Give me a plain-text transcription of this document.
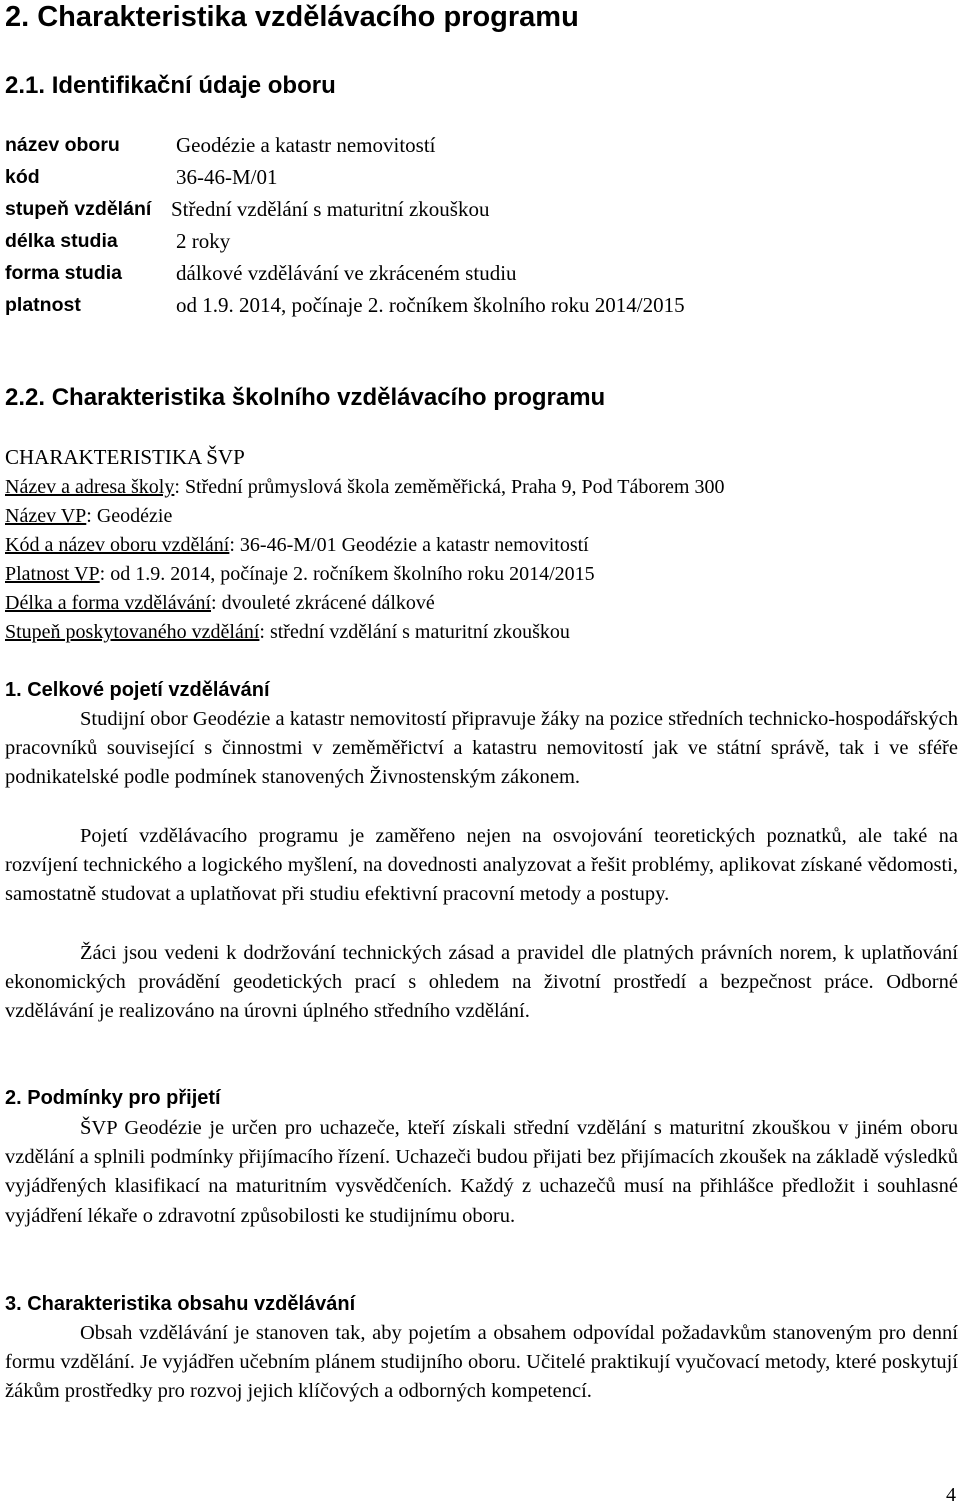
2. Charakteristika vzdělávacího programu
2.1. Identifikační údaje oboru
název oboru	Geodézie a katastr nemovitostí
kód	36-46-M/01
stupeň vzdělání Střední vzdělání s maturitní zkouškou
délka studia	2 roky
forma studia	dálkové vzdělávání ve zkráceném studiu
platnost	od 1.9. 2014, počínaje 2. ročníkem školního roku 2014/2015
2.2. Charakteristika školního vzdělávacího programu
CHARAKTERISTIKA ŠVP
Název a adresa školy: Střední průmyslová škola zeměměřická, Praha 9, Pod Táborem 300
Název VP: Geodézie
Kód a název oboru vzdělání: 36-46-M/01 Geodézie a katastr nemovitostí
Platnost VP: od 1.9. 2014, počínaje 2. ročníkem školního roku 2014/2015
Délka a forma vzdělávání: dvouleté zkrácené dálkové
Stupeň poskytovaného vzdělání: střední vzdělání s maturitní zkouškou
1. Celkové pojetí vzdělávání

Studijní obor Geodézie a katastr nemovitostí připravuje žáky na pozice středních technicko-hospodářských pracovníků související s činnostmi v zeměměřictví a katastru nemovitostí jak ve státní správě, tak i ve sféře podnikatelské podle podmínek stanovených Živnostenským zákonem.

Pojetí vzdělávacího programu je zaměřeno nejen na osvojování teoretických poznatků, ale také na rozvíjení technického a logického myšlení, na dovednosti analyzovat a řešit problémy, aplikovat získané vědomosti, samostatně studovat a uplatňovat při studiu efektivní pracovní metody a postupy.

Žáci jsou vedeni k dodržování technických zásad a pravidel dle platných právních norem, k uplatňování ekonomických provádění geodetických prací s ohledem na životní prostředí a bezpečnost práce. Odborné vzdělávání je realizováno na úrovni úplného středního vzdělání.

2. Podmínky pro přijetí

ŠVP Geodézie je určen pro uchazeče, kteří získali střední vzdělání s maturitní zkouškou v jiném oboru vzdělání a splnili podmínky přijímacího řízení. Uchazeči budou přijati bez přijímacích zkoušek na základě výsledků vyjádřených klasifikací na maturitním vysvědčeních. Každý z uchazečů musí na přihlášce předložit i souhlasné vyjádření lékaře o zdravotní způsobilosti ke studijnímu oboru.

3. Charakteristika obsahu vzdělávání

Obsah vzdělávání je stanoven tak, aby pojetím a obsahem odpovídal požadavkům stanoveným pro denní formu vzdělání. Je vyjádřen učebním plánem studijního oboru. Učitelé praktikují vyučovací metody, které poskytují žákům prostředky pro rozvoj jejich klíčových a odborných kompetencí.

4
